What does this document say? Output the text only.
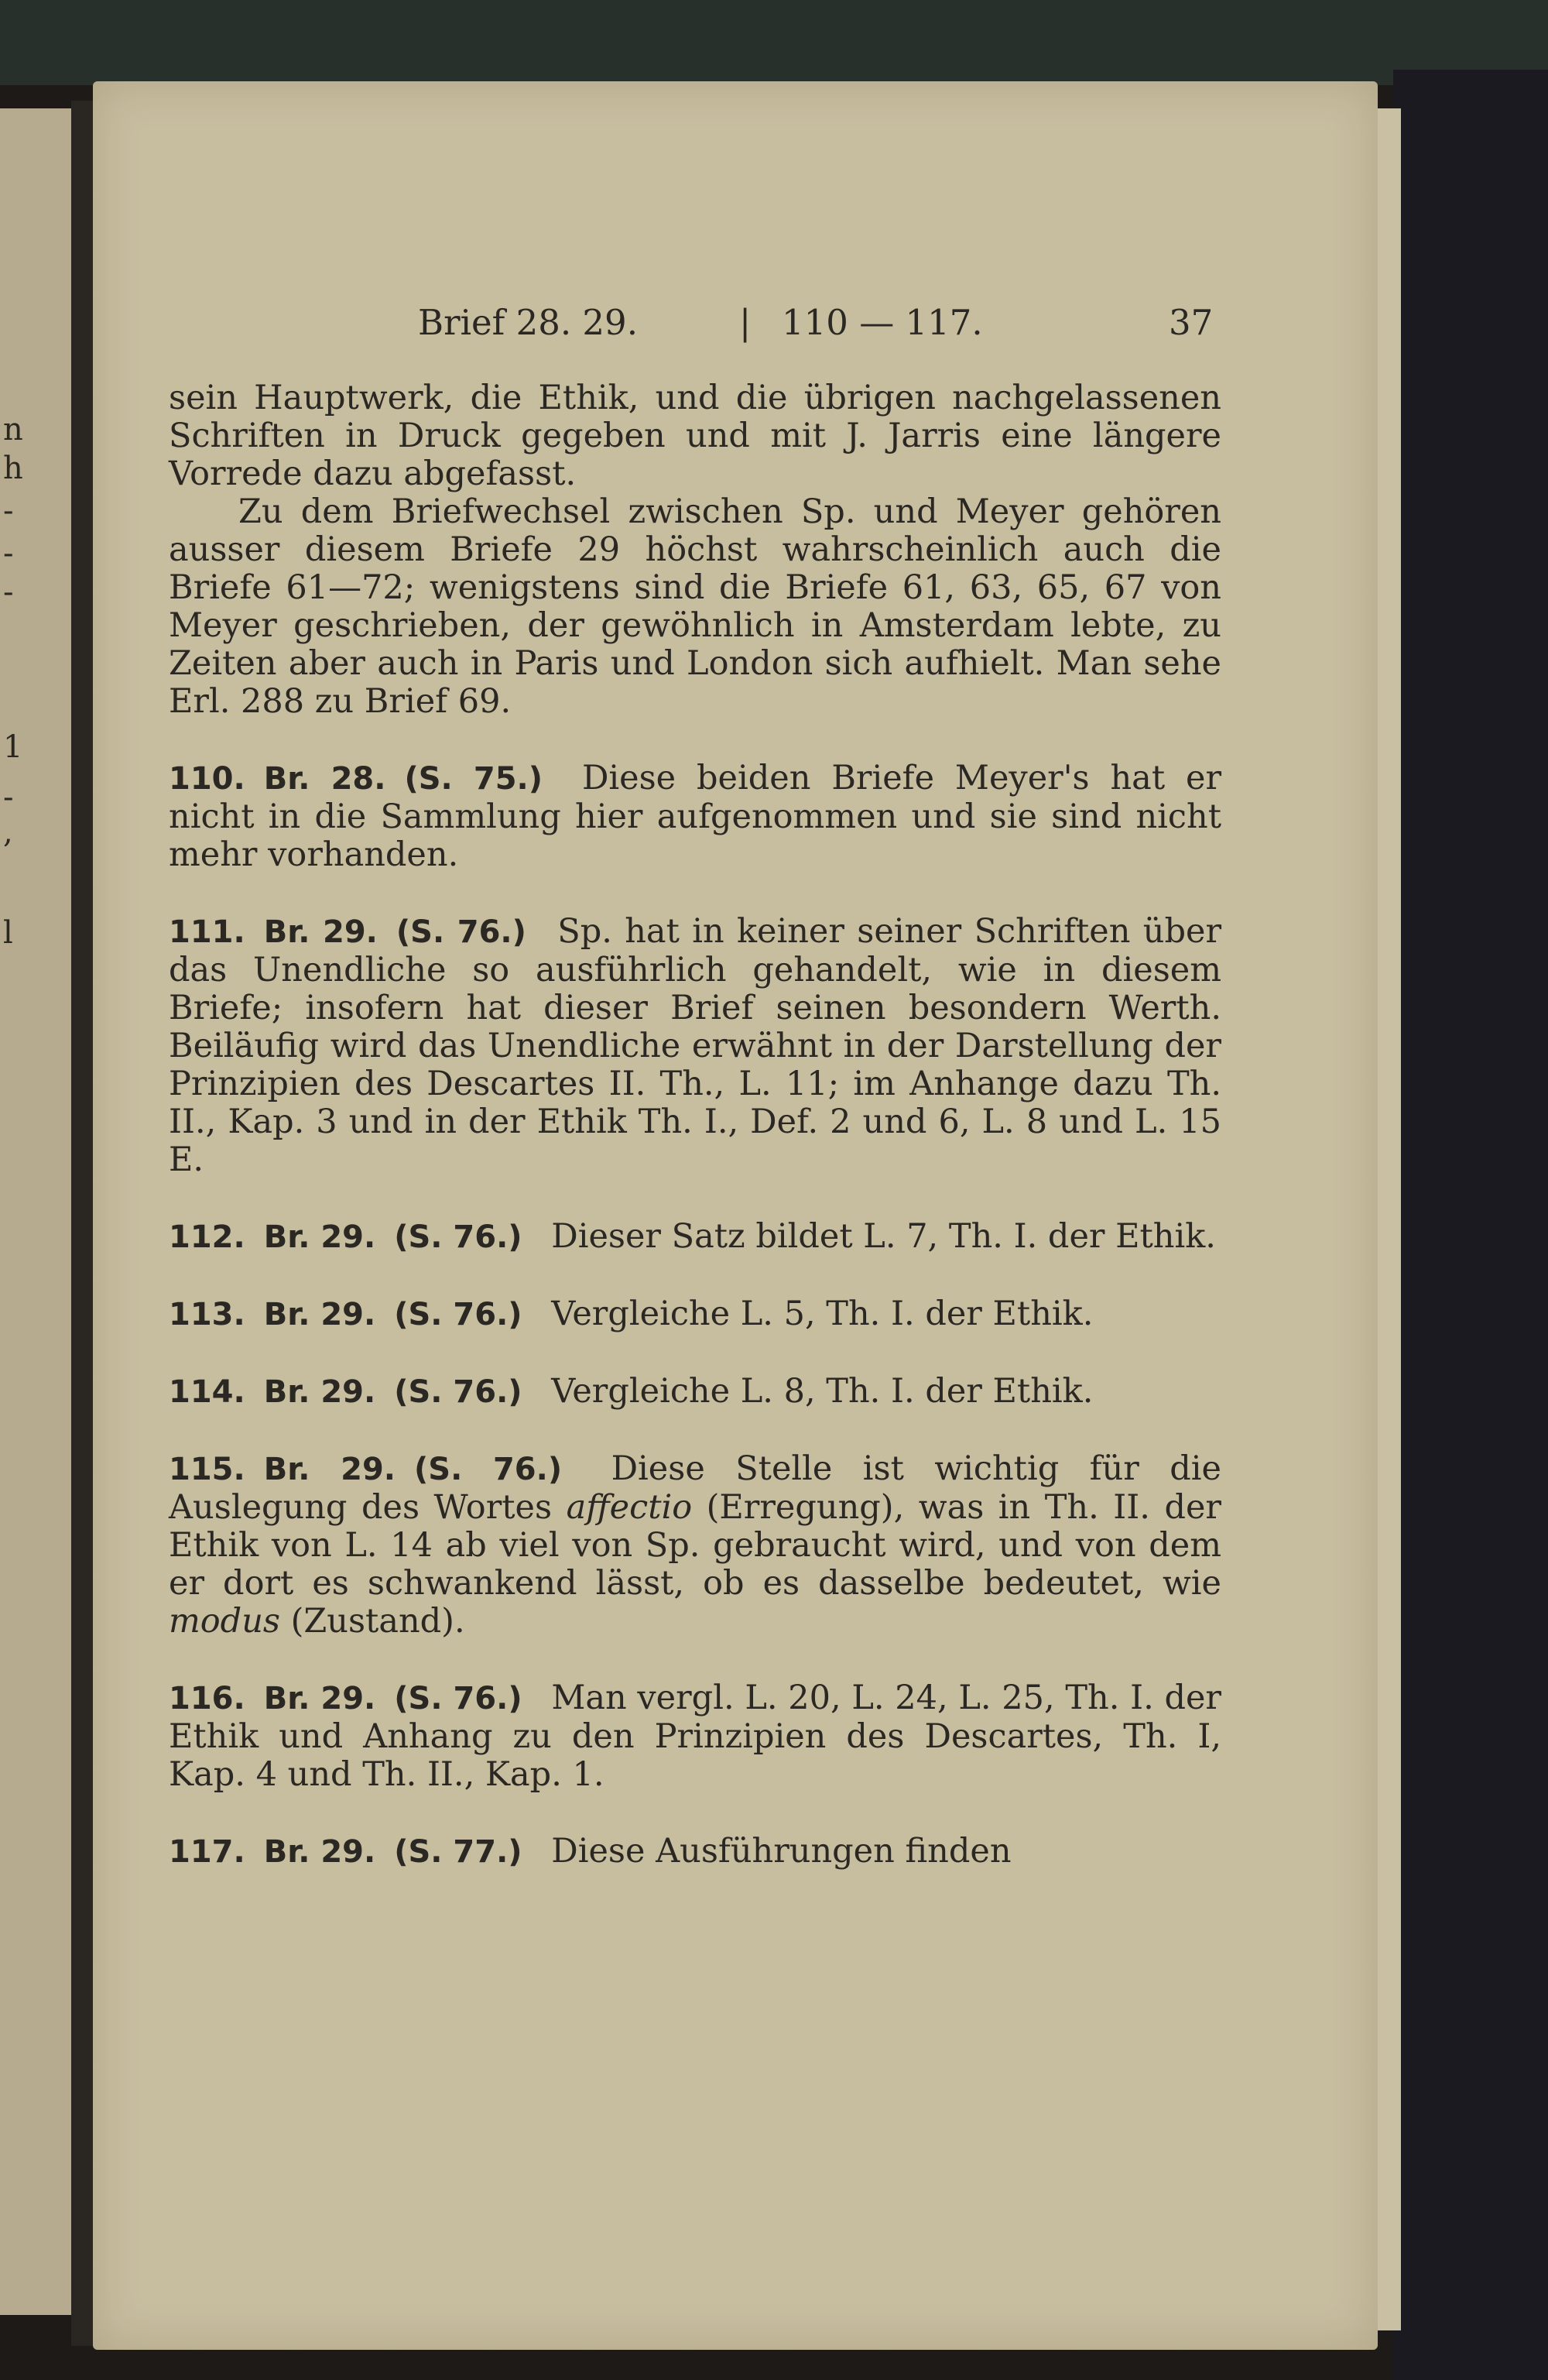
n
h
-
-
-
1
-
,
l
Brief 28. 29.	| 110 — 117.	37

sein Hauptwerk, die Ethik, und die übrigen nachgelassenen Schriften in Druck gegeben und mit J. Jarris eine längere Vorrede dazu abgefasst.

Zu dem Briefwechsel zwischen Sp. und Meyer gehören ausser diesem Briefe 29 höchst wahrscheinlich auch die Briefe 61—72; wenigstens sind die Briefe 61, 63, 65, 67 von Meyer geschrieben, der gewöhnlich in Amsterdam lebte, zu Zeiten aber auch in Paris und London sich aufhielt. Man sehe Erl. 288 zu Brief 69.

110. Br. 28. (S. 75.) Diese beiden Briefe Meyer's hat er nicht in die Sammlung hier aufgenommen und sie sind nicht mehr vorhanden.

111. Br. 29. (S. 76.) Sp. hat in keiner seiner Schriften über das Unendliche so ausführlich gehandelt, wie in diesem Briefe; insofern hat dieser Brief seinen besondern Werth. Beiläufig wird das Unendliche erwähnt in der Darstellung der Prinzipien des Descartes II. Th., L. 11; im Anhange dazu Th. II., Kap. 3 und in der Ethik Th. I., Def. 2 und 6, L. 8 und L. 15 E.

112. Br. 29. (S. 76.) Dieser Satz bildet L. 7, Th. I. der Ethik.

113. Br. 29. (S. 76.) Vergleiche L. 5, Th. I. der Ethik.

114. Br. 29. (S. 76.) Vergleiche L. 8, Th. I. der Ethik.

115. Br. 29. (S. 76.) Diese Stelle ist wichtig für die Auslegung des Wortes affectio (Erregung), was in Th. II. der Ethik von L. 14 ab viel von Sp. gebraucht wird, und von dem er dort es schwankend lässt, ob es dasselbe bedeutet, wie modus (Zustand).

116. Br. 29. (S. 76.) Man vergl. L. 20, L. 24, L. 25, Th. I. der Ethik und Anhang zu den Prinzipien des Descartes, Th. I, Kap. 4 und Th. II., Kap. 1.

117. Br. 29. (S. 77.) Diese Ausführungen finden
